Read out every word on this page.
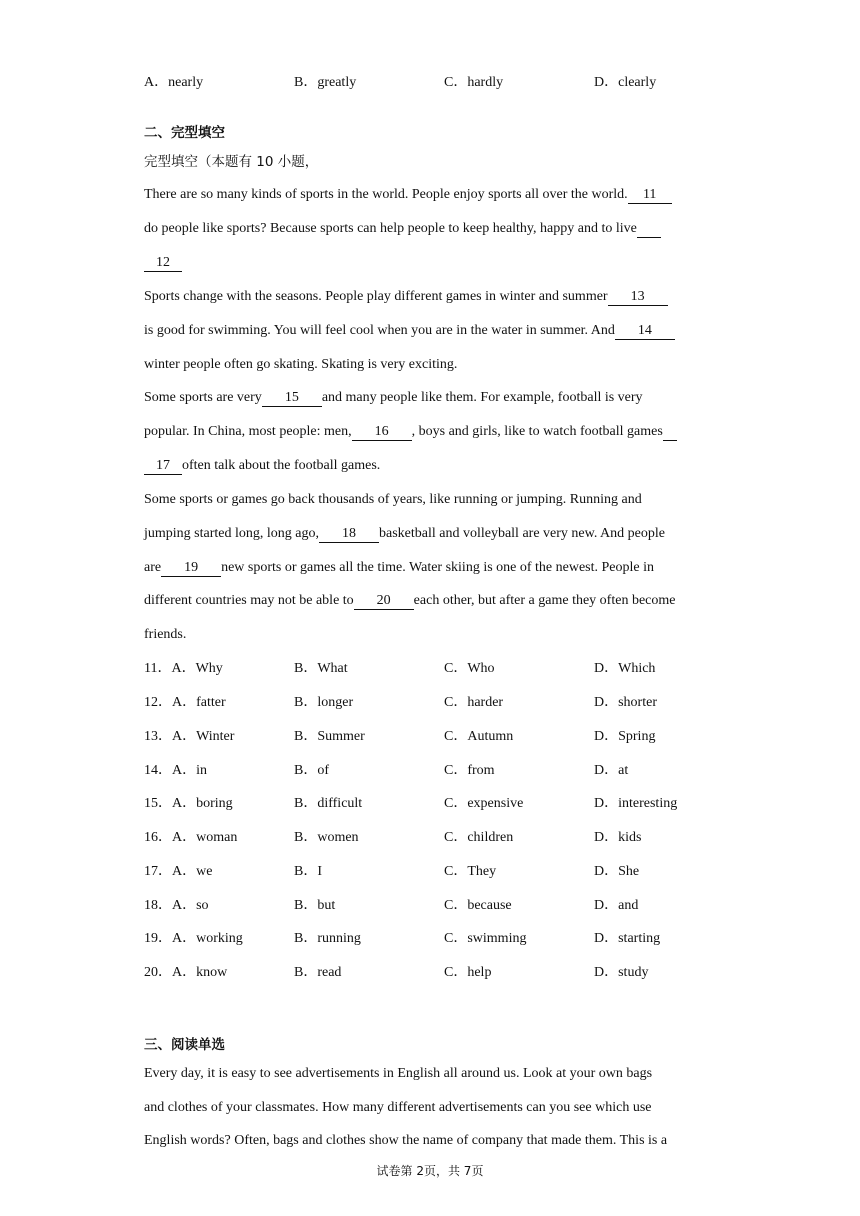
A．nearly	B．greatly	C．hardly	D．clearly
二、完型填空
完型填空（本题有 10 小题，
There are so many kinds of sports in the world. People enjoy sports all over the world. 11
do people like sports? Because sports can help people to keep healthy, happy and to live
12
Sports change with the seasons. People play different games in winter and summer 13
is good for swimming. You will feel cool when you are in the water in summer. And 14
winter people often go skating. Skating is very exciting.
Some sports are very 15 and many people like them. For example, football is very
popular. In China, most people: men, 16 , boys and girls, like to watch football games
17 often talk about the football games.
Some sports or games go back thousands of years, like running or jumping. Running and
jumping started long, long ago, 18 basketball and volleyball are very new. And people
are 19 new sports or games all the time. Water skiing is one of the newest. People in
different countries may not be able to 20 each other, but after a game they often become
friends.
11．A．Why	B．What	C．Who	D．Which
12．A．fatter	B．longer	C．harder	D．shorter
13．A．Winter	B．Summer	C．Autumn	D．Spring
14．A．in	B．of	C．from	D．at
15．A．boring	B．difficult	C．expensive	D．interesting
16．A．woman	B．women	C．children	D．kids
17．A．we	B．I	C．They	D．She
18．A．so	B．but	C．because	D．and
19．A．working	B．running	C．swimming	D．starting
20．A．know	B．read	C．help	D．study
三、阅读单选
Every day, it is easy to see advertisements in English all around us. Look at your own bags
and clothes of your classmates. How many different advertisements can you see which use
English words? Often, bags and clothes show the name of company that made them. This is a
试卷第 2页，共 7页
